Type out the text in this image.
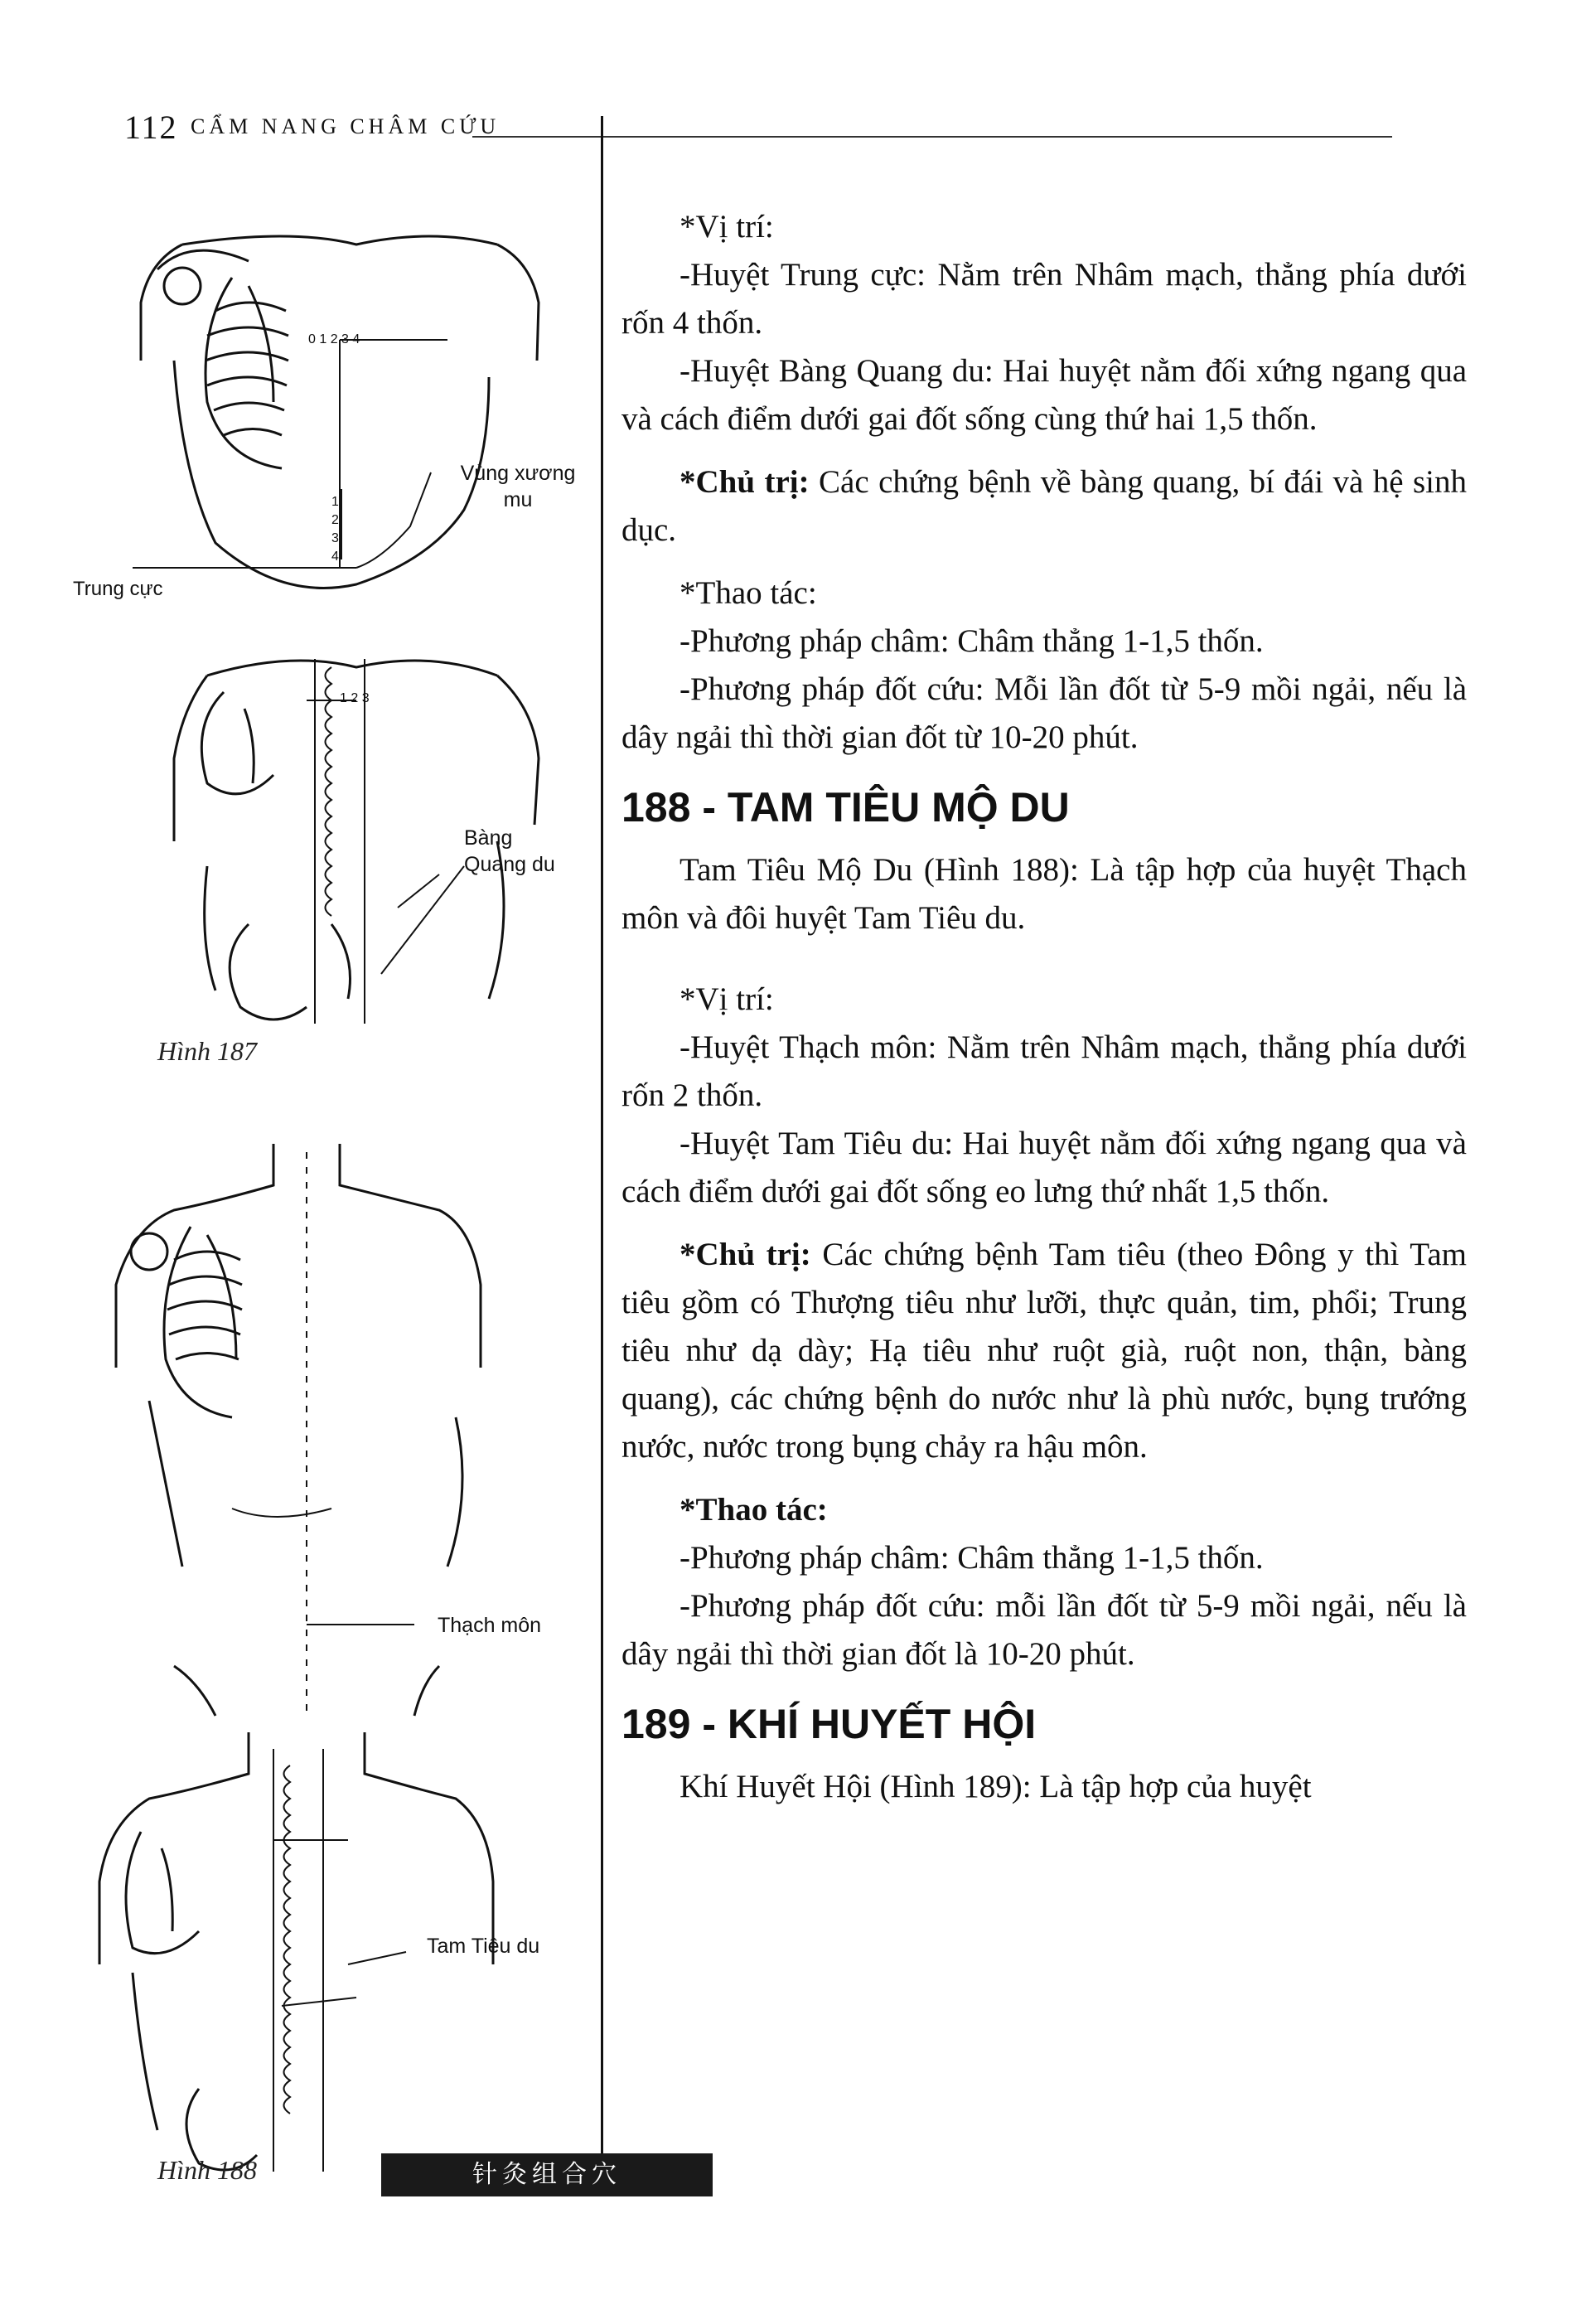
112 CẨM NANG CHÂM CỨU
0 1 2 3 4
1
2
3
4
1 2 3
Vùng xương mu
Trung cực
Bàng Quang du
Hình 187
Thạch môn
Tam Tiêu du
Hình 188

*Vị trí:

-Huyệt Trung cực: Nằm trên Nhâm mạch, thẳng phía dưới rốn 4 thốn.

-Huyệt Bàng Quang du: Hai huyệt nằm đối xứng ngang qua và cách điểm dưới gai đốt sống cùng thứ hai 1,5 thốn.

*Chủ trị: Các chứng bệnh về bàng quang, bí đái và hệ sinh dục.

*Thao tác:

-Phương pháp châm: Châm thẳng 1-1,5 thốn.

-Phương pháp đốt cứu: Mỗi lần đốt từ 5-9 mồi ngải, nếu là dây ngải thì thời gian đốt từ 10-20 phút.

188 - TAM TIÊU MỘ DU

Tam Tiêu Mộ Du (Hình 188): Là tập hợp của huyệt Thạch môn và đôi huyệt Tam Tiêu du.

*Vị trí:

-Huyệt Thạch môn: Nằm trên Nhâm mạch, thẳng phía dưới rốn 2 thốn.

-Huyệt Tam Tiêu du: Hai huyệt nằm đối xứng ngang qua và cách điểm dưới gai đốt sống eo lưng thứ nhất 1,5 thốn.

*Chủ trị: Các chứng bệnh Tam tiêu (theo Đông y thì Tam tiêu gồm có Thượng tiêu như lưỡi, thực quản, tim, phổi; Trung tiêu như dạ dày; Hạ tiêu như ruột già, ruột non, thận, bàng quang), các chứng bệnh do nước như là phù nước, bụng trướng nước, nước trong bụng chảy ra hậu môn.

*Thao tác:

-Phương pháp châm: Châm thẳng 1-1,5 thốn.

-Phương pháp đốt cứu: mỗi lần đốt từ 5-9 mồi ngải, nếu là dây ngải thì thời gian đốt là 10-20 phút.

189 - KHÍ HUYẾT HỘI

Khí Huyết Hội (Hình 189): Là tập hợp của huyệt

针灸组合穴
